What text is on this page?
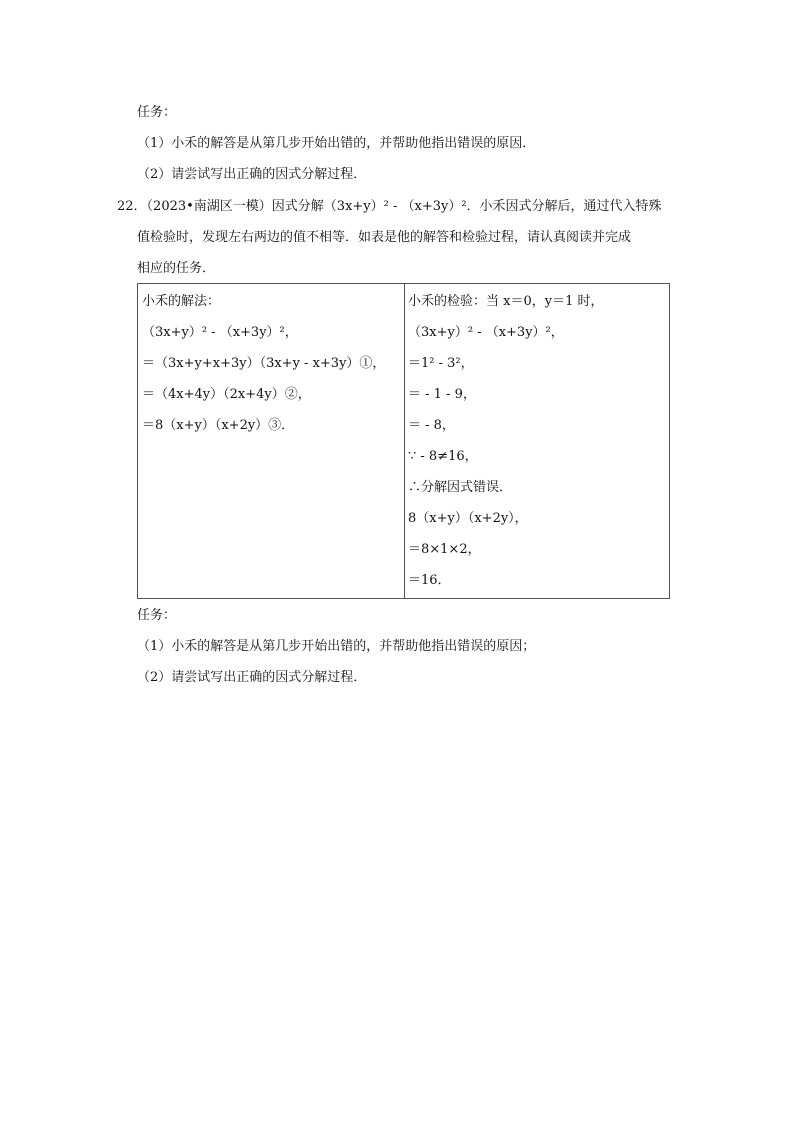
任务：
（1）小禾的解答是从第几步开始出错的，并帮助他指出错误的原因．
（2）请尝试写出正确的因式分解过程．
22．（2023•南湖区一模）因式分解（3x+y）² - （x+3y）²．小禾因式分解后，通过代入特殊
值检验时，发现左右两边的值不相等．如表是他的解答和检验过程，请认真阅读并完成
相应的任务．
小禾的解法：
（3x+y）² - （x+3y）²，
＝（3x+y+x+3y）（3x+y - x+3y）①，
＝（4x+4y）（2x+4y）②，
＝8（x+y）（x+2y）③．
小禾的检验：当 x＝0，y＝1 时，
（3x+y）² - （x+3y）²，
＝1² - 3²，
＝ - 1 - 9，
＝ - 8，
∵ - 8≠16，
∴分解因式错误．
8（x+y）（x+2y），
＝8×1×2，
＝16．
任务：
（1）小禾的解答是从第几步开始出错的，并帮助他指出错误的原因；
（2）请尝试写出正确的因式分解过程．
